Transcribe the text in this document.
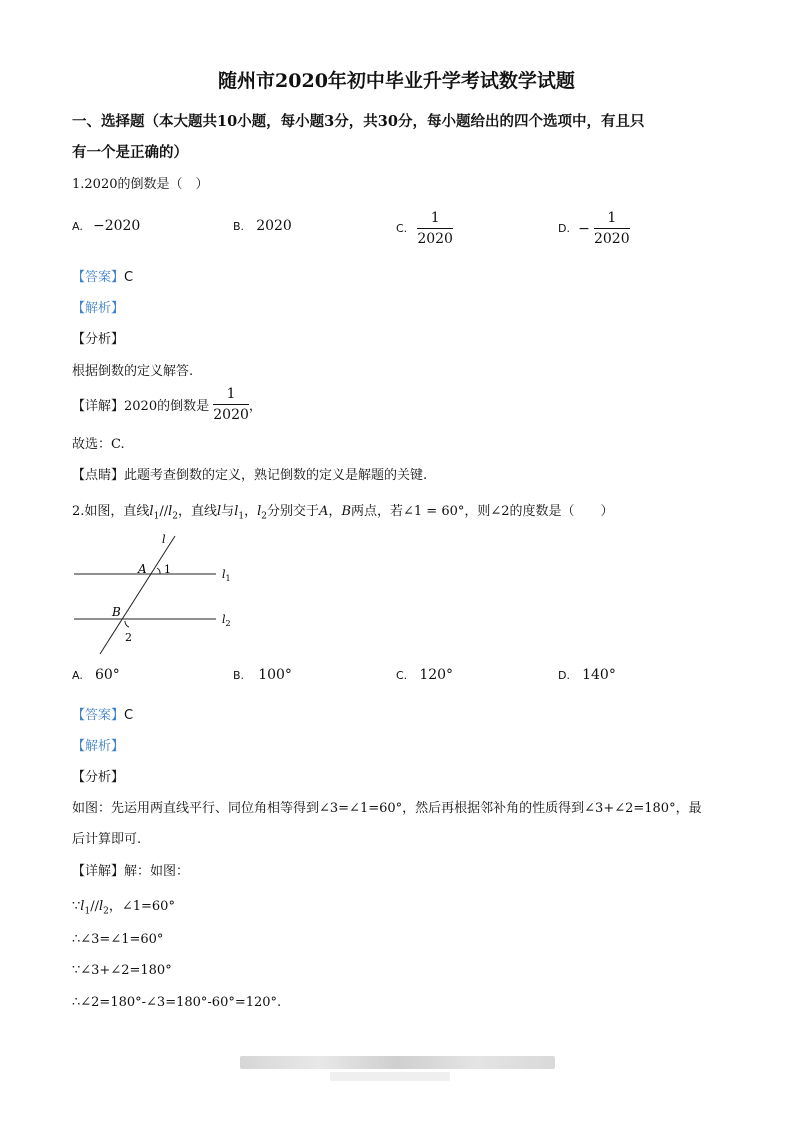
随州市2020年初中毕业升学考试数学试题
一、选择题（本大题共10小题，每小题3分，共30分，每小题给出的四个选项中，有且只
有一个是正确的）
1.2020的倒数是（　）
A. −2020	B. 2020	C. $\frac{1}{2020}$	D. − $\frac{1}{2020}$
【答案】C
【解析】
【分析】
根据倒数的定义解答.
【详解】2020的倒数是 $\frac{1}{2020}$ ，
故选：C.
【点睛】此题考查倒数的定义，熟记倒数的定义是解题的关键.
2.如图，直线$l_1//l_2$，直线l与$l_1$，$l_2$分别交于A，B两点，若∠1 = 60°，则∠2的度数是（　　）
l
A 1
B
2
$l_1$
$l_2$
A. 60°	B. 100°	C. 120°	D. 140°
【答案】C
【解析】
【分析】
如图：先运用两直线平行、同位角相等得到∠3=∠1=60°，然后再根据邻补角的性质得到∠3+∠2=180°，最
后计算即可.
【详解】解：如图：
$\because l_1//l_2$，∠1=60°
∴∠3=∠1=60°
∵∠3+∠2=180°
∴∠2=180°-∠3=180°-60°=120°.
